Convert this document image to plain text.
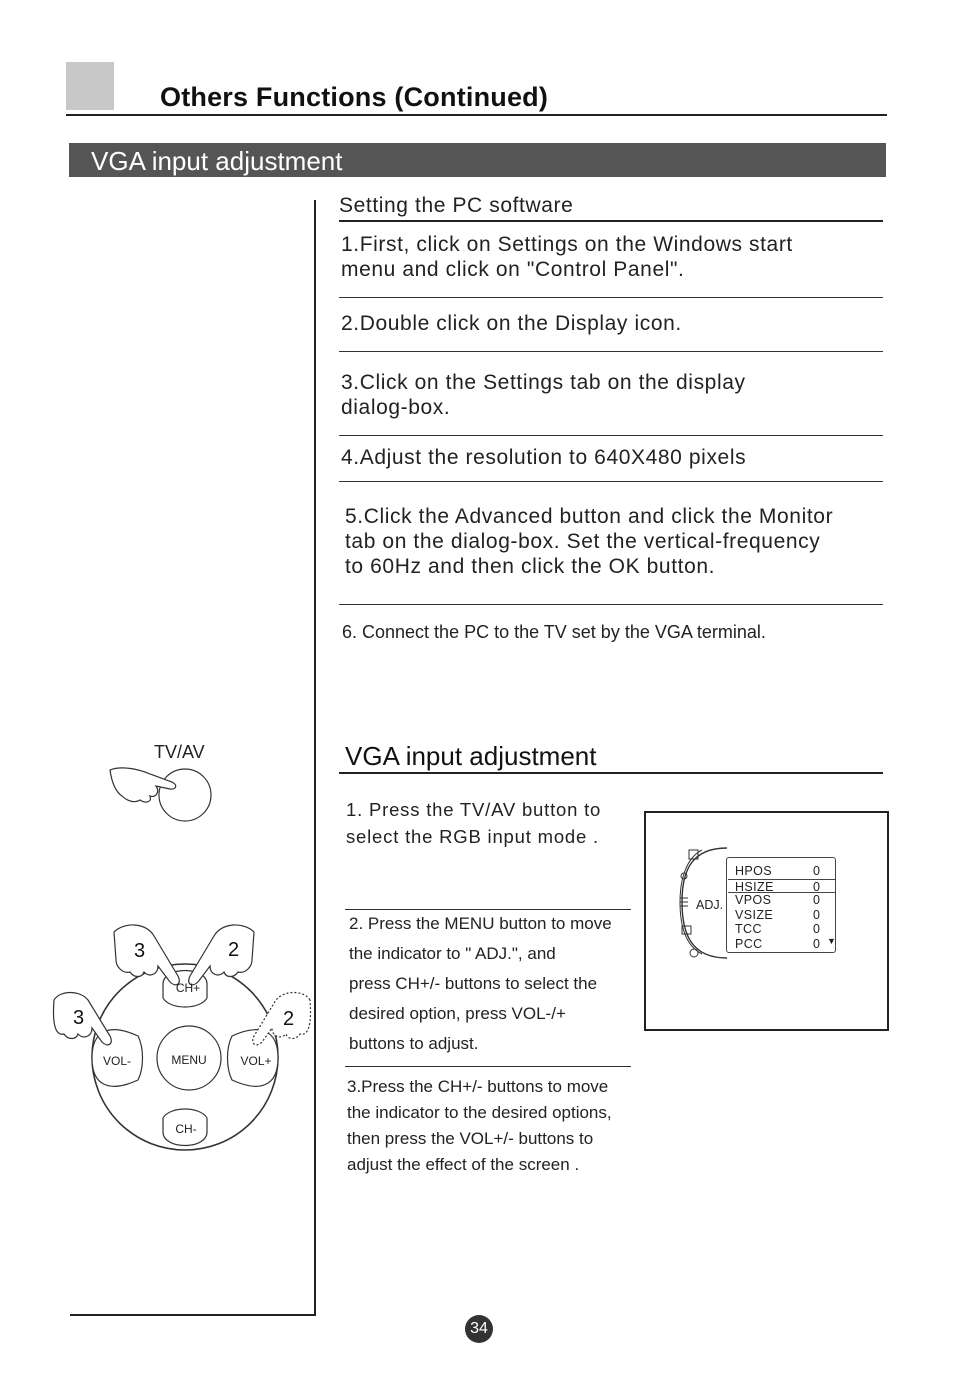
Others Functions (Continued)
VGA input adjustment
Setting the PC software
1.First, click on Settings on the Windows start
menu and click on "Control Panel".
2.Double click on the Display icon.
3.Click on the Settings tab on the display
dialog-box.
4.Adjust the resolution to 640X480 pixels
5.Click the Advanced button and click the Monitor
tab on the dialog-box. Set the vertical-frequency
to 60Hz and then click the OK button.
6. Connect the PC to the TV set by the VGA terminal.
VGA input adjustment
1. Press the TV/AV button to
select the RGB input mode .
2. Press the MENU button to move
the indicator to " ADJ.", and
press CH+/- buttons to select the
desired option, press VOL-/+
buttons to adjust.
3.Press the CH+/- buttons to move
the indicator to the desired options,
then press the VOL+/- buttons to
adjust the effect of the screen .
ADJ.
HPOS	0
HSIZE	0
VPOS	0
VSIZE	0
TCC	0
PCC	0 ▼
TV/AV
CH+
CH-
VOL-	VOL+
MENU
3	2
3	2
34
